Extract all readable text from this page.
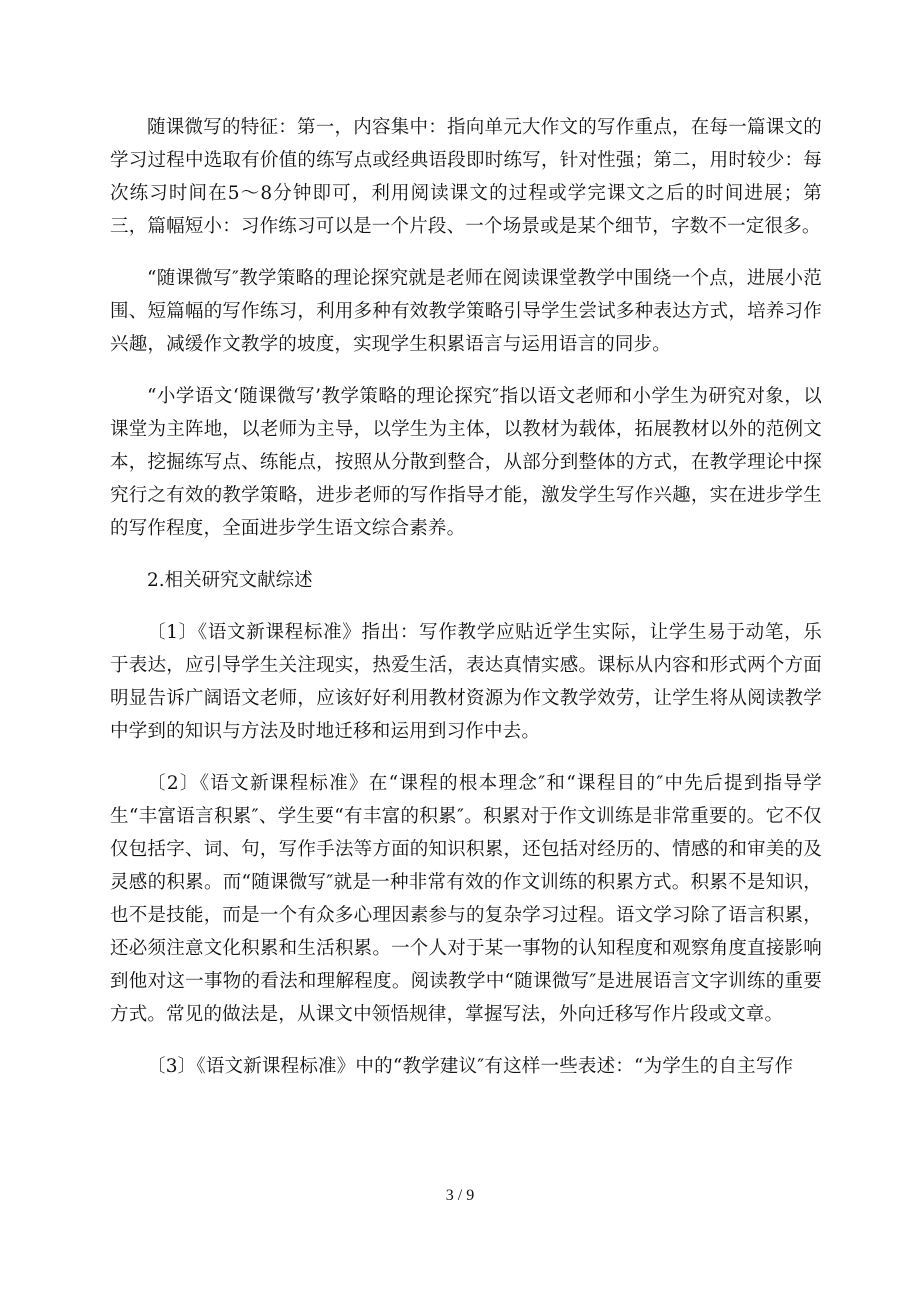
随课微写的特征：第一，内容集中：指向单元大作文的写作重点，在每一篇课文的学习过程中选取有价值的练写点或经典语段即时练写，针对性强；第二，用时较少：每次练习时间在5～8分钟即可，利用阅读课文的过程或学完课文之后的时间进展；第三，篇幅短小：习作练习可以是一个片段、一个场景或是某个细节，字数不一定很多。

“随课微写″教学策略的理论探究就是老师在阅读课堂教学中围绕一个点，进展小范围、短篇幅的写作练习，利用多种有效教学策略引导学生尝试多种表达方式，培养习作兴趣，减缓作文教学的坡度，实现学生积累语言与运用语言的同步。

“小学语文‘随课微写’教学策略的理论探究″指以语文老师和小学生为研究对象，以课堂为主阵地，以老师为主导，以学生为主体，以教材为载体，拓展教材以外的范例文本，挖掘练写点、练能点，按照从分散到整合，从部分到整体的方式，在教学理论中探究行之有效的教学策略，进步老师的写作指导才能，激发学生写作兴趣，实在进步学生的写作程度，全面进步学生语文综合素养。

2.相关研究文献综述

〔1〕《语文新课程标准》指出：写作教学应贴近学生实际，让学生易于动笔，乐于表达，应引导学生关注现实，热爱生活，表达真情实感。课标从内容和形式两个方面明显告诉广阔语文老师，应该好好利用教材资源为作文教学效劳，让学生将从阅读教学中学到的知识与方法及时地迁移和运用到习作中去。

〔2〕《语文新课程标准》在“课程的根本理念″和“课程目的″中先后提到指导学生“丰富语言积累″、学生要“有丰富的积累″。积累对于作文训练是非常重要的。它不仅仅包括字、词、句，写作手法等方面的知识积累，还包括对经历的、情感的和审美的及灵感的积累。而“随课微写″就是一种非常有效的作文训练的积累方式。积累不是知识，也不是技能，而是一个有众多心理因素参与的复杂学习过程。语文学习除了语言积累，还必须注意文化积累和生活积累。一个人对于某一事物的认知程度和观察角度直接影响到他对这一事物的看法和理解程度。阅读教学中“随课微写″是进展语言文字训练的重要方式。常见的做法是，从课文中领悟规律，掌握写法，外向迁移写作片段或文章。

〔3〕《语文新课程标准》中的“教学建议″有这样一些表述：“为学生的自主写作

3 / 9
